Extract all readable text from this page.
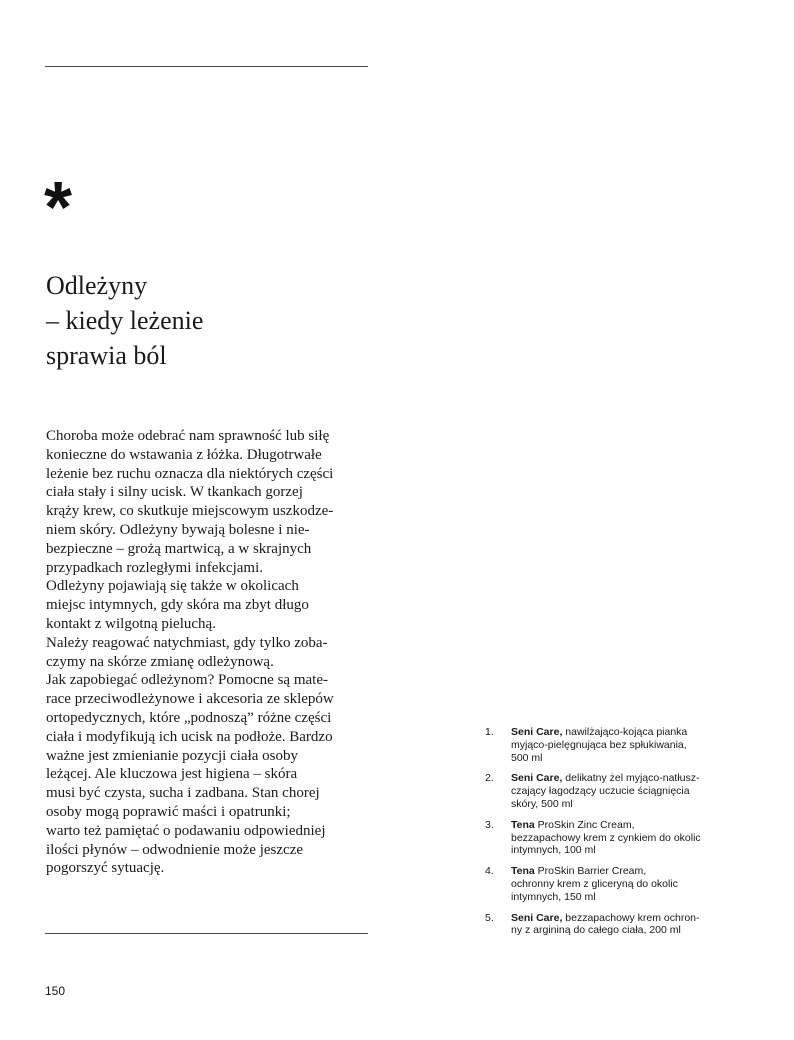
*
Odleżyny
– kiedy leżenie
sprawia ból
Choroba może odebrać nam sprawność lub siłę
konieczne do wstawania z łóżka. Długotrwałe
leżenie bez ruchu oznacza dla niektórych części
ciała stały i silny ucisk. W tkankach gorzej
krąży krew, co skutkuje miejscowym uszkodze-
niem skóry. Odleżyny bywają bolesne i nie-
bezpieczne – grożą martwicą, a w skrajnych
przypadkach rozległymi infekcjami.
Odleżyny pojawiają się także w okolicach
miejsc intymnych, gdy skóra ma zbyt długo
kontakt z wilgotną pieluchą.
Należy reagować natychmiast, gdy tylko zoba-
czymy na skórze zmianę odleżynową.
Jak zapobiegać odleżynom? Pomocne są mate-
race przeciwodleżynowe i akcesoria ze sklepów
ortopedycznych, które „podnoszą” różne części
ciała i modyfikują ich ucisk na podłoże. Bardzo
ważne jest zmienianie pozycji ciała osoby
leżącej. Ale kluczowa jest higiena – skóra
musi być czysta, sucha i zadbana. Stan chorej
osoby mogą poprawić maści i opatrunki;
warto też pamiętać o podawaniu odpowiedniej
ilości płynów – odwodnienie może jeszcze
pogorszyć sytuację.
1. Seni Care, nawilżająco-kojąca pianka
myjąco-pielęgnująca bez spłukiwania,
500 ml
2. Seni Care, delikatny żel myjąco-natłusz-
czający łagodzący uczucie ściągnięcia
skóry, 500 ml
3. Tena ProSkin Zinc Cream,
bezzapachowy krem z cynkiem do okolic
intymnych, 100 ml
4. Tena ProSkin Barrier Cream,
ochronny krem z gliceryną do okolic
intymnych, 150 ml
5. Seni Care, bezzapachowy krem ochron-
ny z argininą do całego ciała, 200 ml
150
